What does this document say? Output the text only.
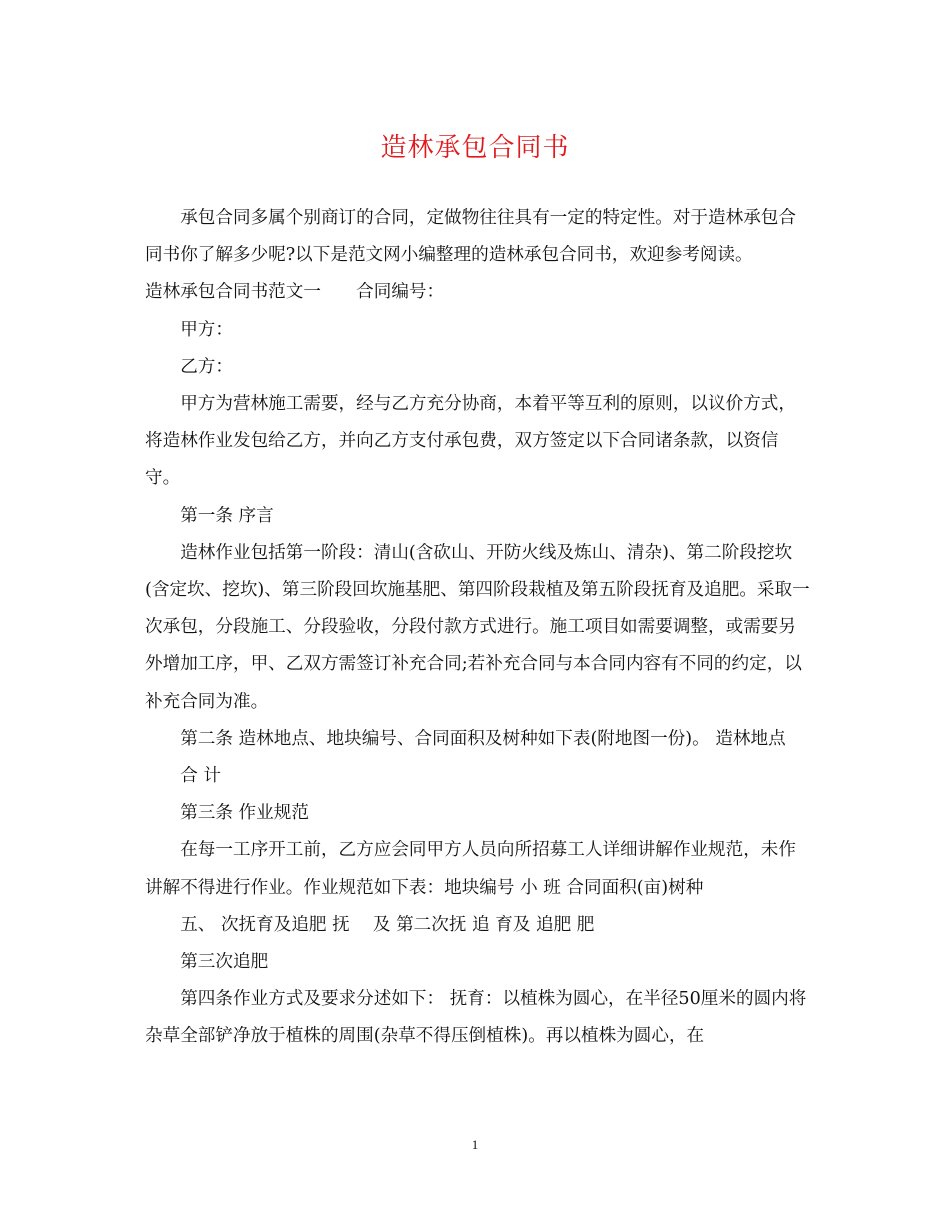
造林承包合同书

承包合同多属个别商订的合同，定做物往往具有一定的特定性。对于造林承包合同书你了解多少呢?以下是范文网小编整理的造林承包合同书，欢迎参考阅读。

造林承包合同书范文一　　合同编号：

甲方：

乙方：

甲方为营林施工需要，经与乙方充分协商，本着平等互利的原则，以议价方式，将造林作业发包给乙方，并向乙方支付承包费，双方签定以下合同诸条款，以资信守。

第一条 序言

造林作业包括第一阶段：清山(含砍山、开防火线及炼山、清杂)、第二阶段挖坎(含定坎、挖坎)、第三阶段回坎施基肥、第四阶段栽植及第五阶段抚育及追肥。采取一次承包，分段施工、分段验收，分段付款方式进行。施工项目如需要调整，或需要另外增加工序，甲、乙双方需签订补充合同;若补充合同与本合同内容有不同的约定，以补充合同为准。

第二条 造林地点、地块编号、合同面积及树种如下表(附地图一份)。 造林地点

合 计

第三条 作业规范

在每一工序开工前，乙方应会同甲方人员向所招募工人详细讲解作业规范，未作讲解不得进行作业。作业规范如下表：地块编号 小 班 合同面积(亩)树种

五、 次抚育及追肥 抚　 及 第二次抚 追 育及 追肥 肥

第三次追肥

第四条作业方式及要求分述如下： 抚育：以植株为圆心，在半径50厘米的圆内将杂草全部铲净放于植株的周围(杂草不得压倒植株)。再以植株为圆心，在

1
